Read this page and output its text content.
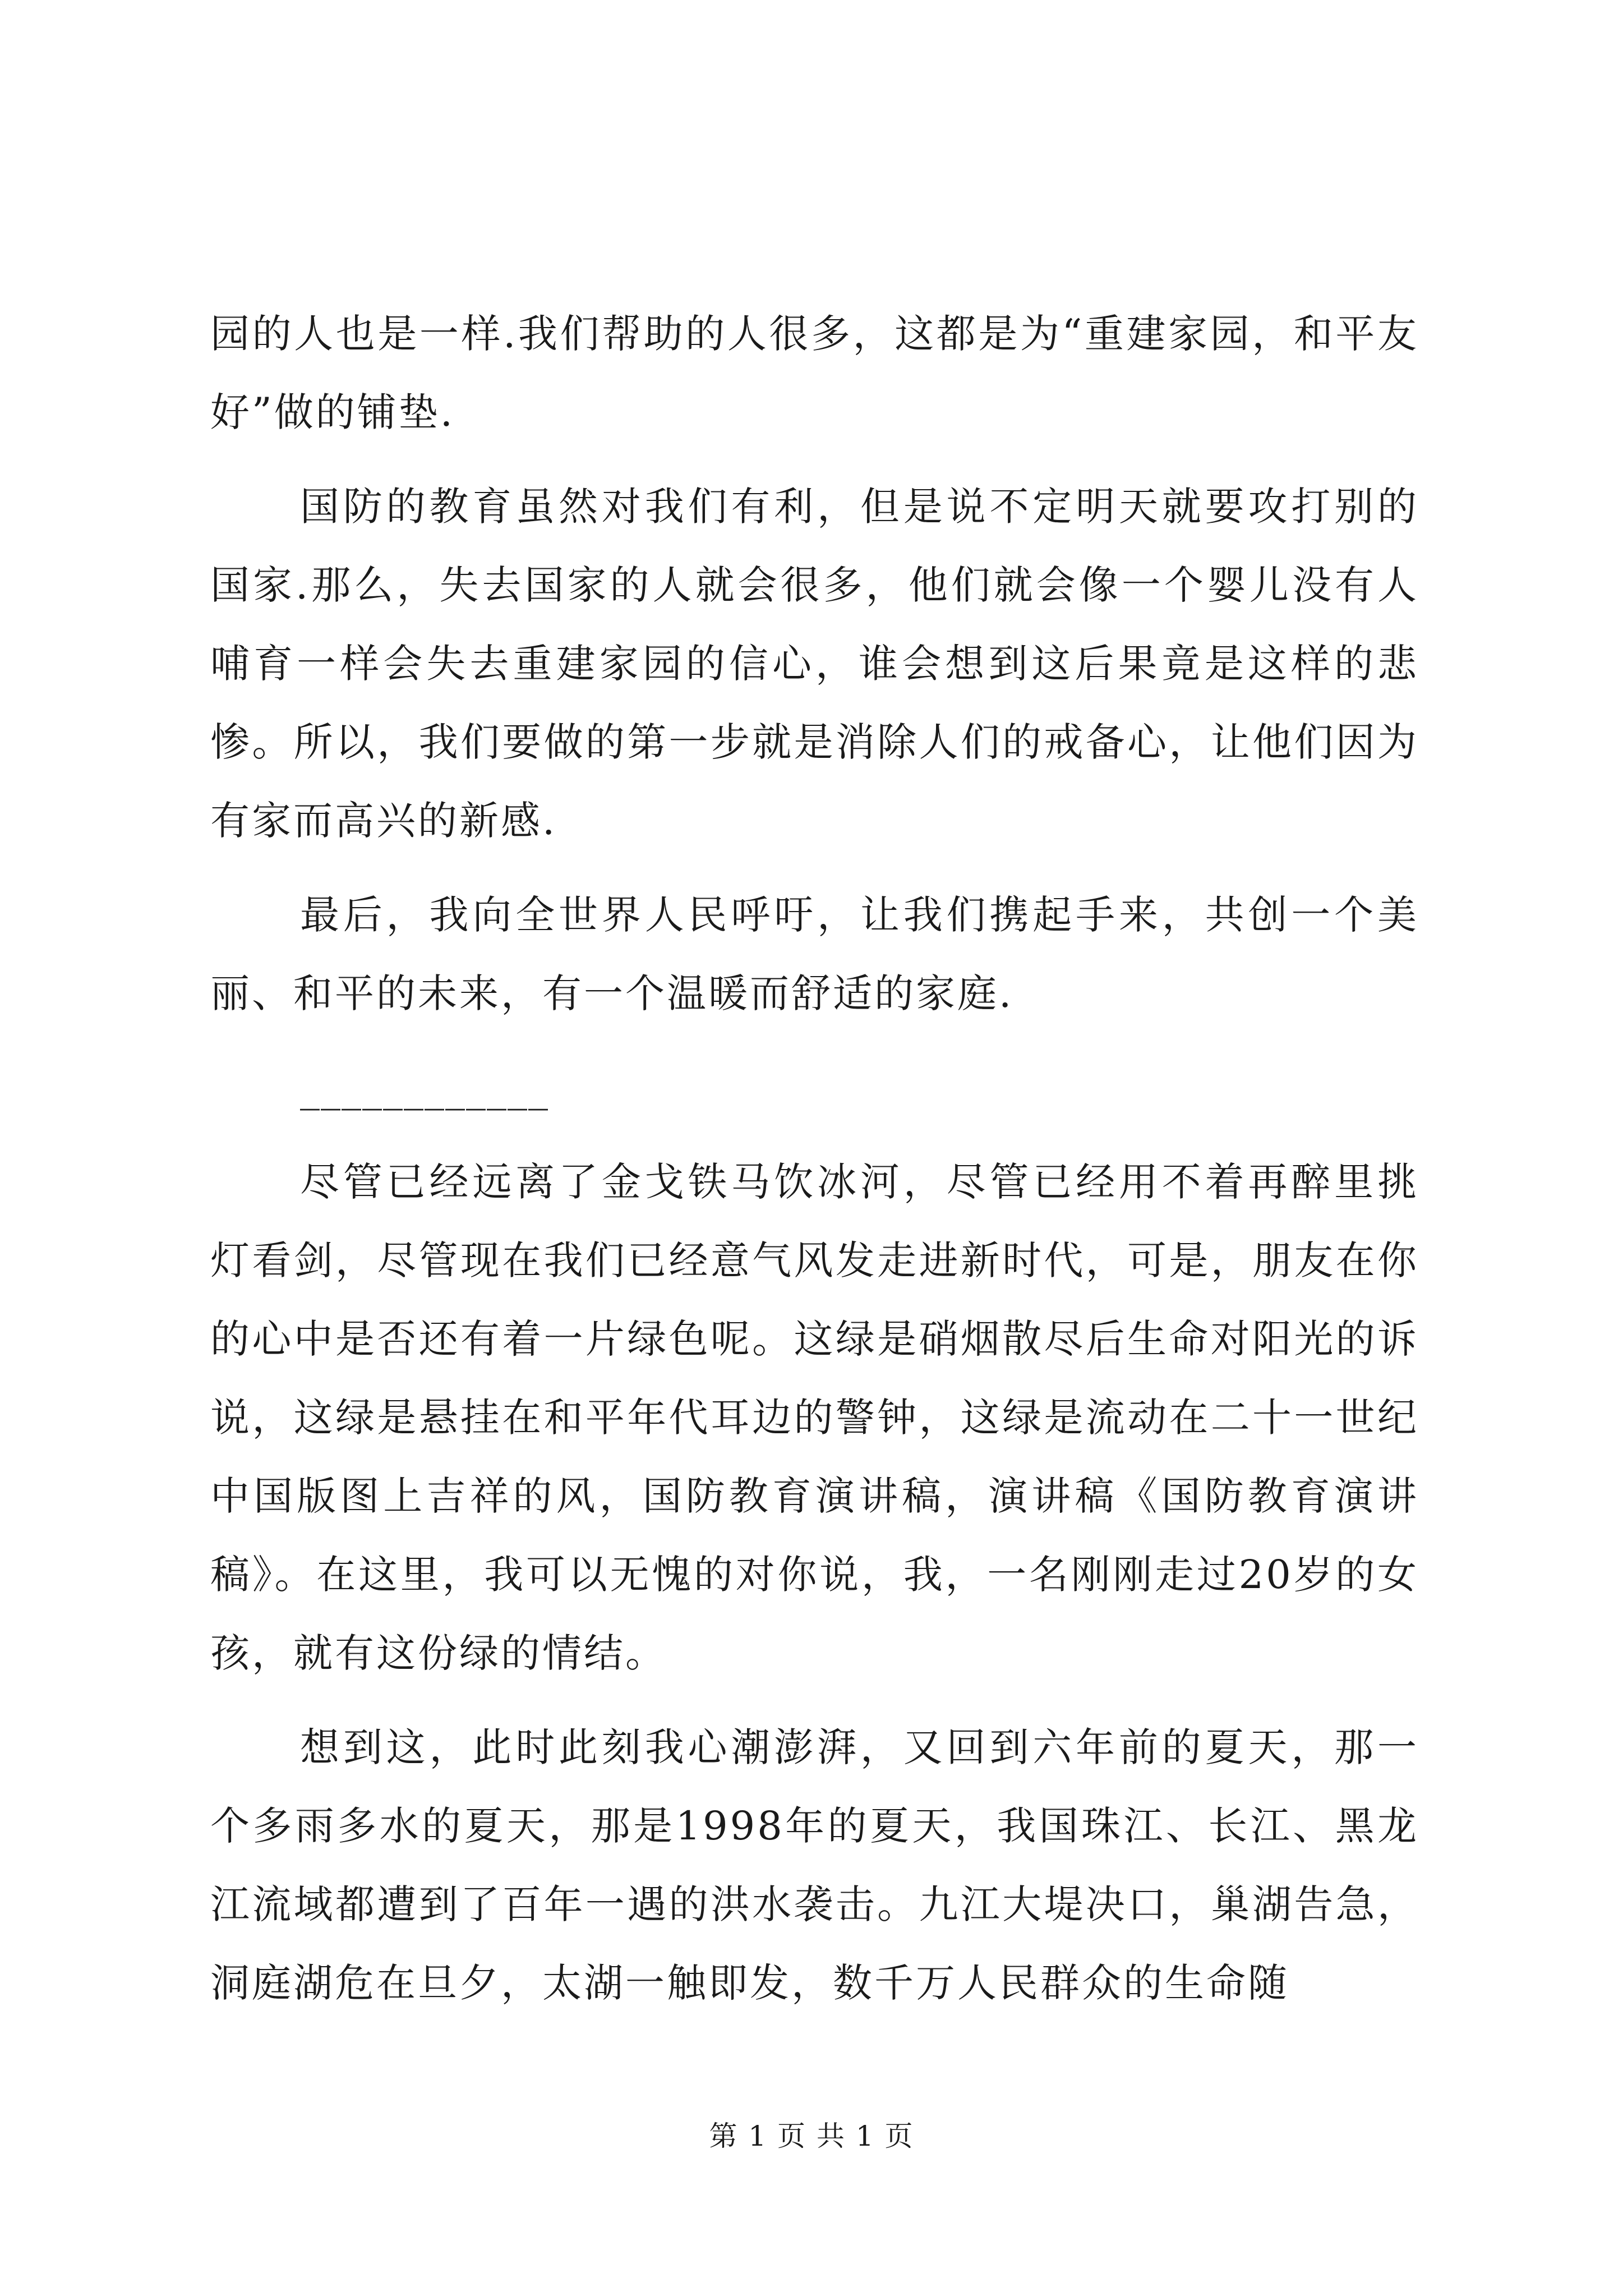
园的人也是一样.我们帮助的人很多，这都是为“重建家园，和平友好”做的铺垫.

国防的教育虽然对我们有利，但是说不定明天就要攻打别的国家.那么，失去国家的人就会很多，他们就会像一个婴儿没有人哺育一样会失去重建家园的信心，谁会想到这后果竟是这样的悲惨。所以，我们要做的第一步就是消除人们的戒备心，让他们因为有家而高兴的新感.

最后，我向全世界人民呼吁，让我们携起手来，共创一个美丽、和平的未来，有一个温暖而舒适的家庭.

____________

尽管已经远离了金戈铁马饮冰河，尽管已经用不着再醉里挑灯看剑，尽管现在我们已经意气风发走进新时代，可是，朋友在你的心中是否还有着一片绿色呢。这绿是硝烟散尽后生命对阳光的诉说，这绿是悬挂在和平年代耳边的警钟，这绿是流动在二十一世纪中国版图上吉祥的风，国防教育演讲稿，演讲稿《国防教育演讲稿》。在这里，我可以无愧的对你说，我，一名刚刚走过20岁的女孩，就有这份绿的情结。

想到这，此时此刻我心潮澎湃，又回到六年前的夏天，那一个多雨多水的夏天，那是1998年的夏天，我国珠江、长江、黑龙江流域都遭到了百年一遇的洪水袭击。九江大堤决口，巢湖告急，洞庭湖危在旦夕，太湖一触即发，数千万人民群众的生命随

第 1 页 共 1 页
